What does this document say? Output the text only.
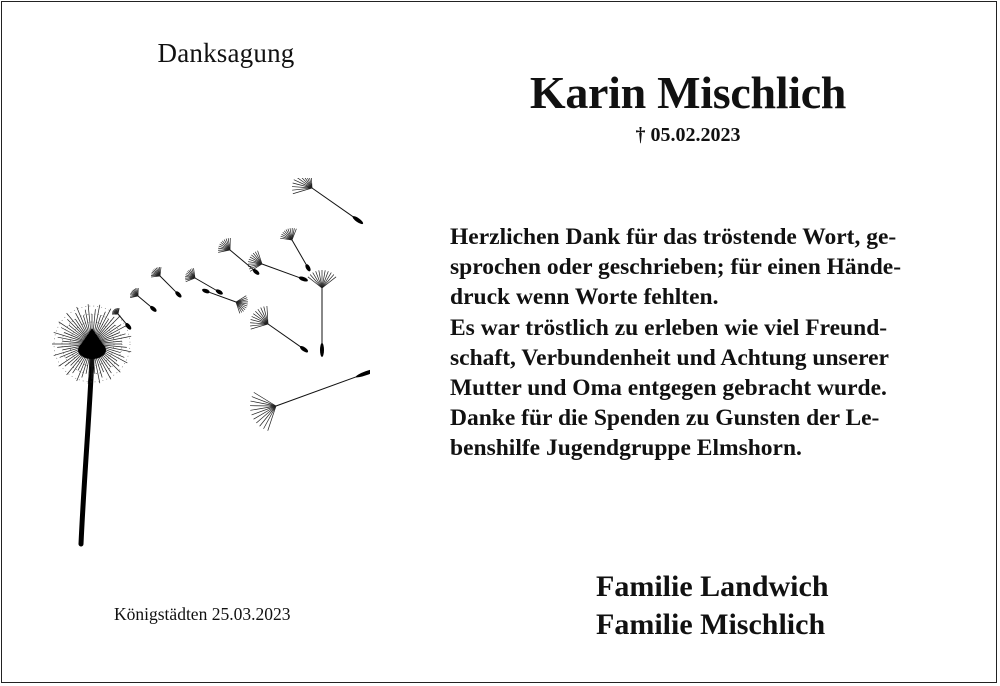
Danksagung
Karin Mischlich
† 05.02.2023
Herzlichen Dank für das tröstende Wort, ge-
sprochen oder geschrieben; für einen Hände-
druck wenn Worte fehlten.
Es war tröstlich zu erleben wie viel Freund-
schaft, Verbundenheit und Achtung unserer
Mutter und Oma entgegen gebracht wurde.
Danke für die Spenden zu Gunsten der Le-
benshilfe Jugendgruppe Elmshorn.
Königstädten 25.03.2023
Familie Landwich
Familie Mischlich
